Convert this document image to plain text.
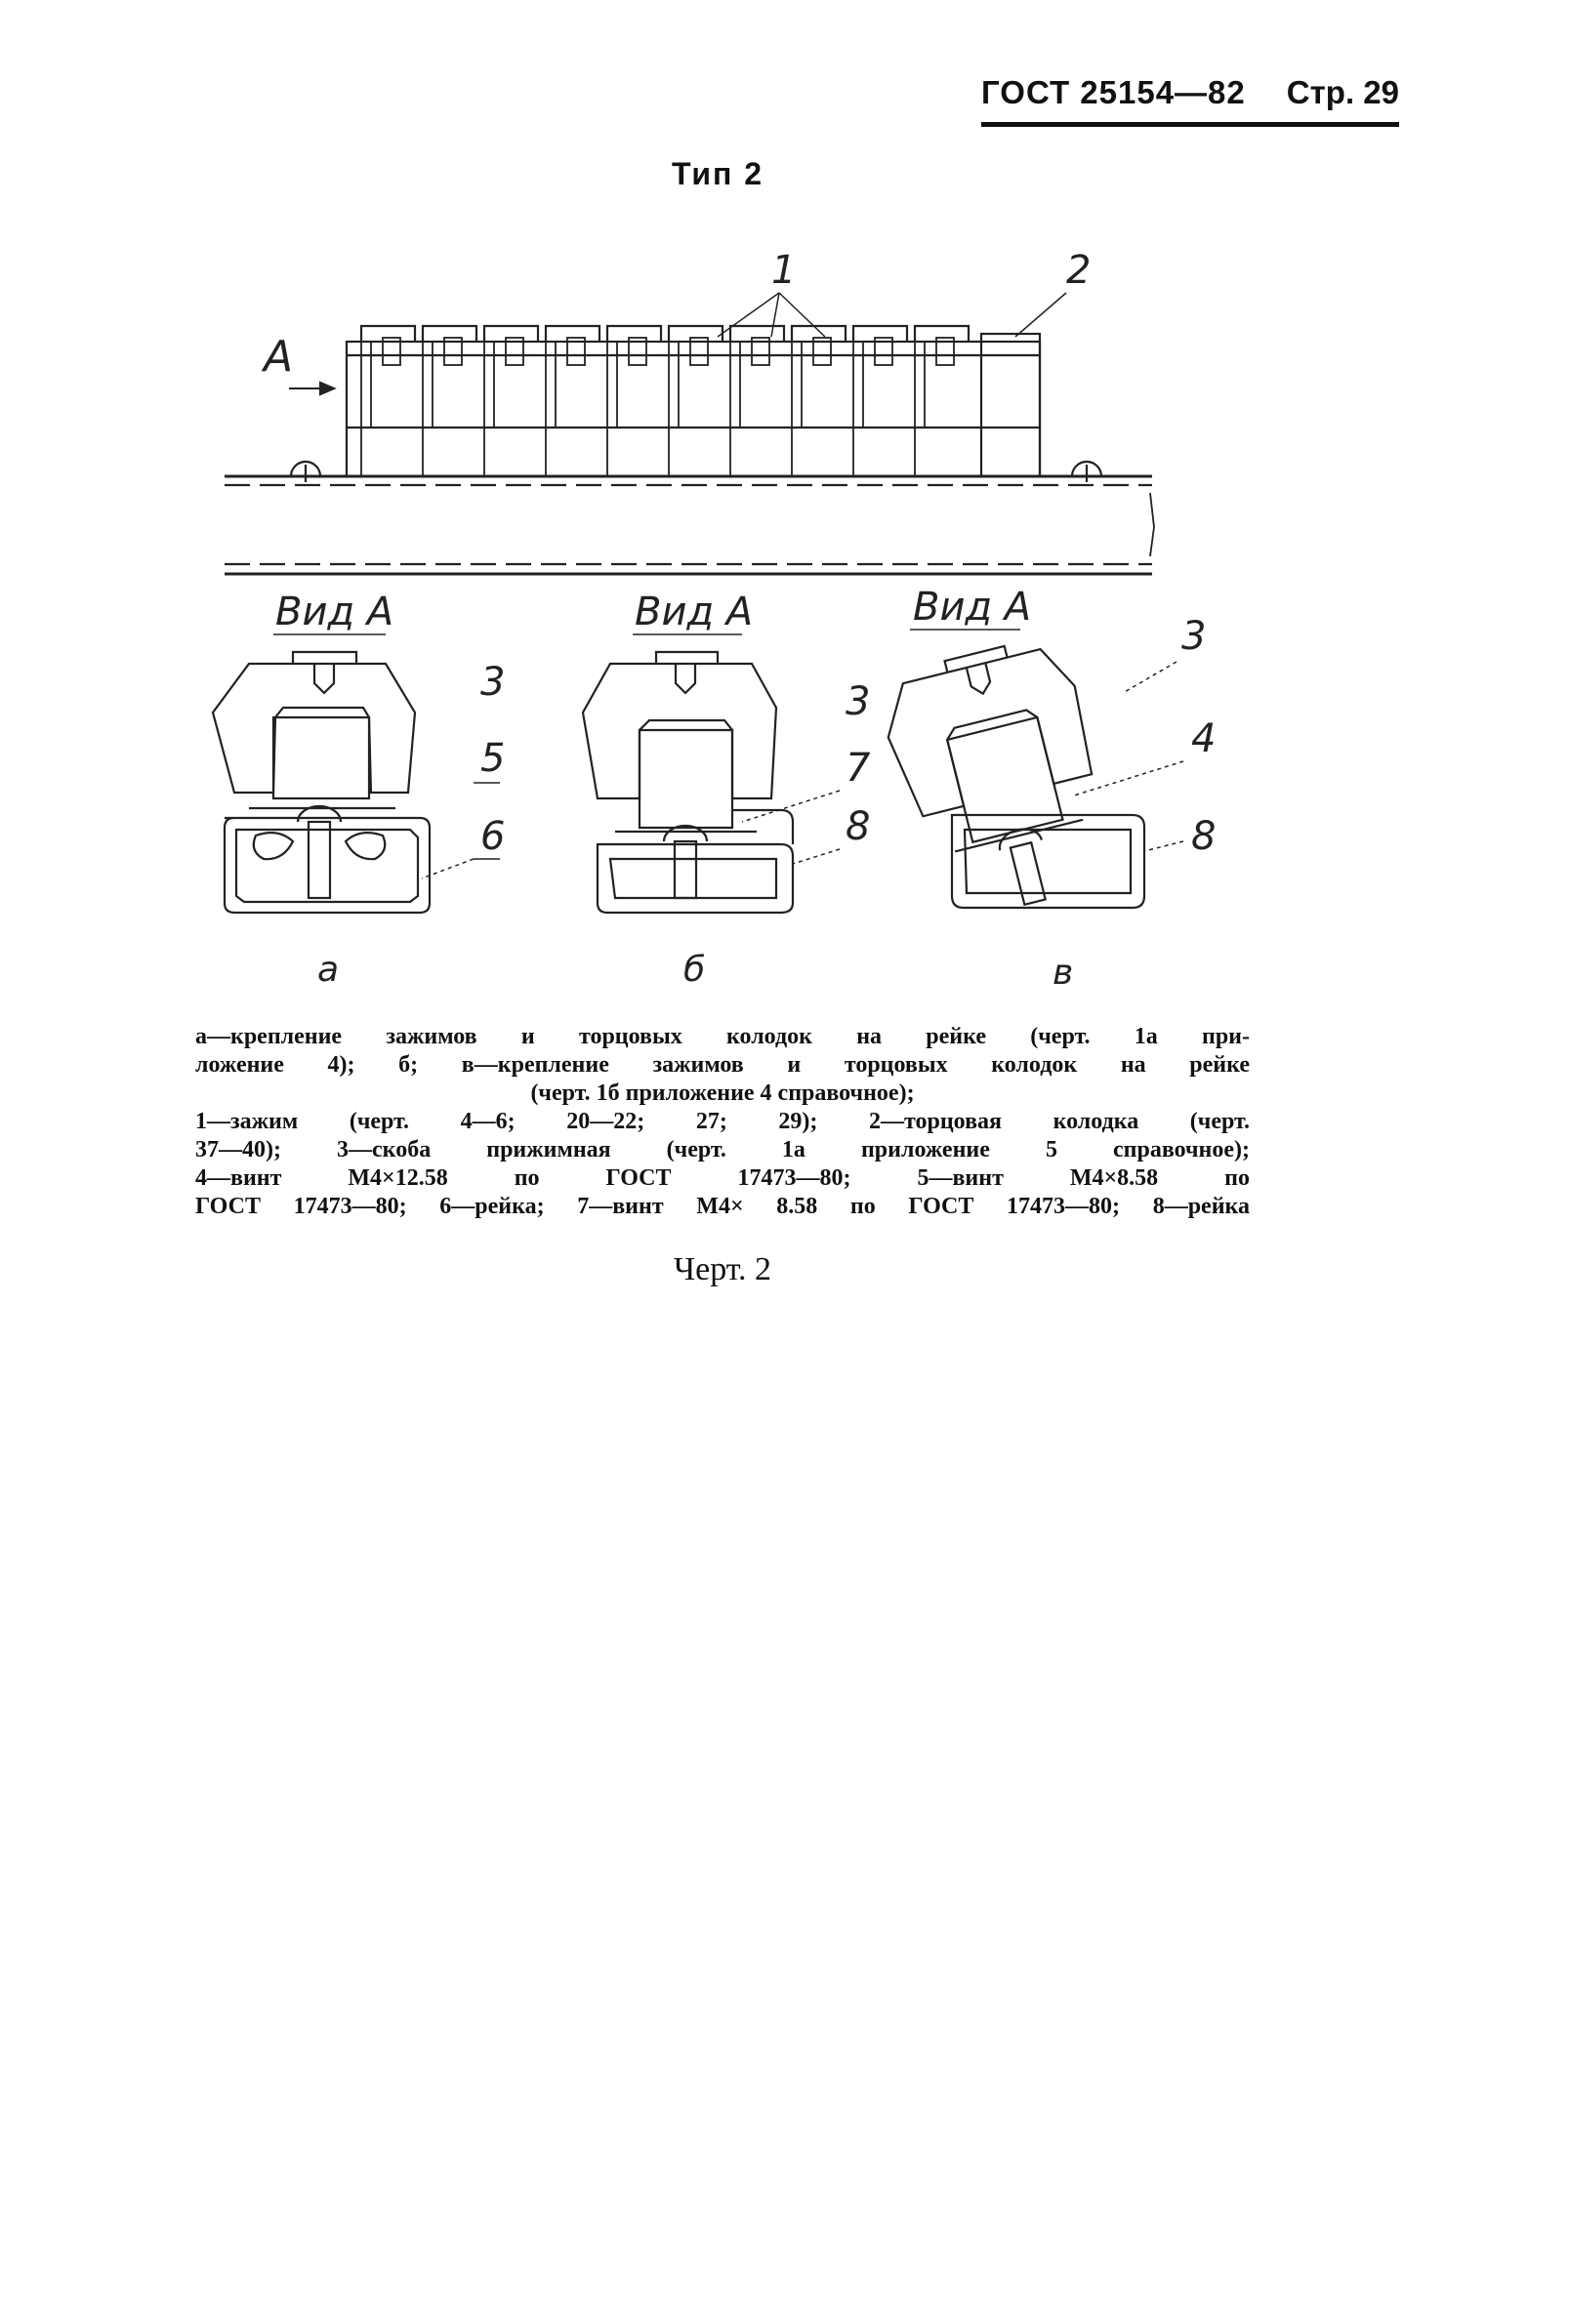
ГОСТ 25154—82 Стр. 29
Тип 2
А
1	2
Вид А
3
5
6
а
Вид А
3
7
8
б
Вид А
3
4
8
в
а—крепление зажимов и торцовых колодок на рейке (черт. 1а при-
ложение 4); б; в—крепление зажимов и торцовых колодок на рейке
(черт. 1б приложение 4 справочное);
1—зажим (черт. 4—6; 20—22; 27; 29); 2—торцовая колодка (черт.
37—40); 3—скоба прижимная (черт. 1а приложение 5 справочное);
4—винт М4×12.58 по ГОСТ 17473—80; 5—винт М4×8.58 по
ГОСТ 17473—80; 6—рейка; 7—винт М4× 8.58 по ГОСТ 17473—80; 8—рейка
Черт. 2
